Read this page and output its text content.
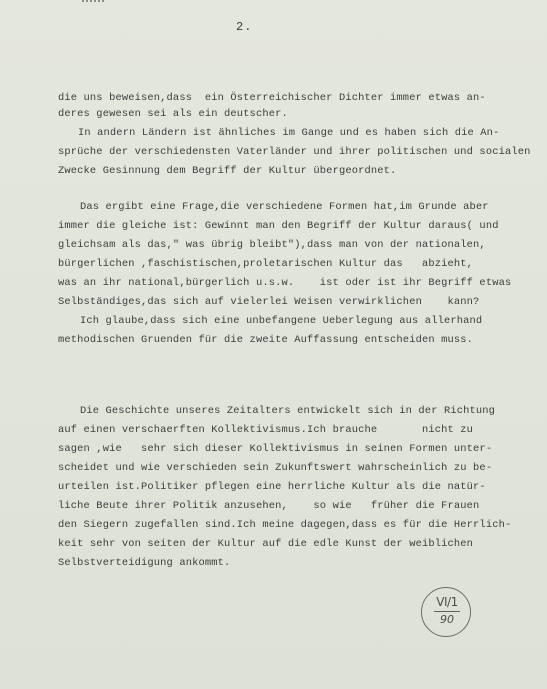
2.
die uns beweisen,dass  ein Österreichischer Dichter immer etwas an-
deres gewesen sei als ein deutscher.
In andern Ländern ist ähnliches im Gange und es haben sich die An-
sprüche der verschiedensten Vaterländer und ihrer politischen und socialen
Zwecke Gesinnung dem Begriff der Kultur übergeordnet.
Das ergibt eine Frage,die verschiedene Formen hat,im Grunde aber
immer die gleiche ist: Gewinnt man den Begriff der Kultur daraus( und
gleichsam als das," was übrig bleibt"),dass man von der nationalen,
bürgerlichen ,faschistischen,proletarischen Kultur das   abzieht,
was an ihr national,bürgerlich u.s.w.    ist oder ist ihr Begriff etwas
Selbständiges,das sich auf vielerlei Weisen verwirklichen    kann?
Ich glaube,dass sich eine unbefangene Ueberlegung aus allerhand
methodischen Gruenden für die zweite Auffassung entscheiden muss.
Die Geschichte unseres Zeitalters entwickelt sich in der Richtung
auf einen verschaerften Kollektivismus.Ich brauche       nicht zu
sagen ,wie   sehr sich dieser Kollektivismus in seinen Formen unter-
scheidet und wie verschieden sein Zukunftswert wahrscheinlich zu be-
urteilen ist.Politiker pflegen eine herrliche Kultur als die natür-
liche Beute ihrer Politik anzusehen,    so wie   früher die Frauen
den Siegern zugefallen sind.Ich meine dagegen,dass es für die Herrlich-
keit sehr von seiten der Kultur auf die edle Kunst der weiblichen
Selbstverteidigung ankommt.
VI/1
90
